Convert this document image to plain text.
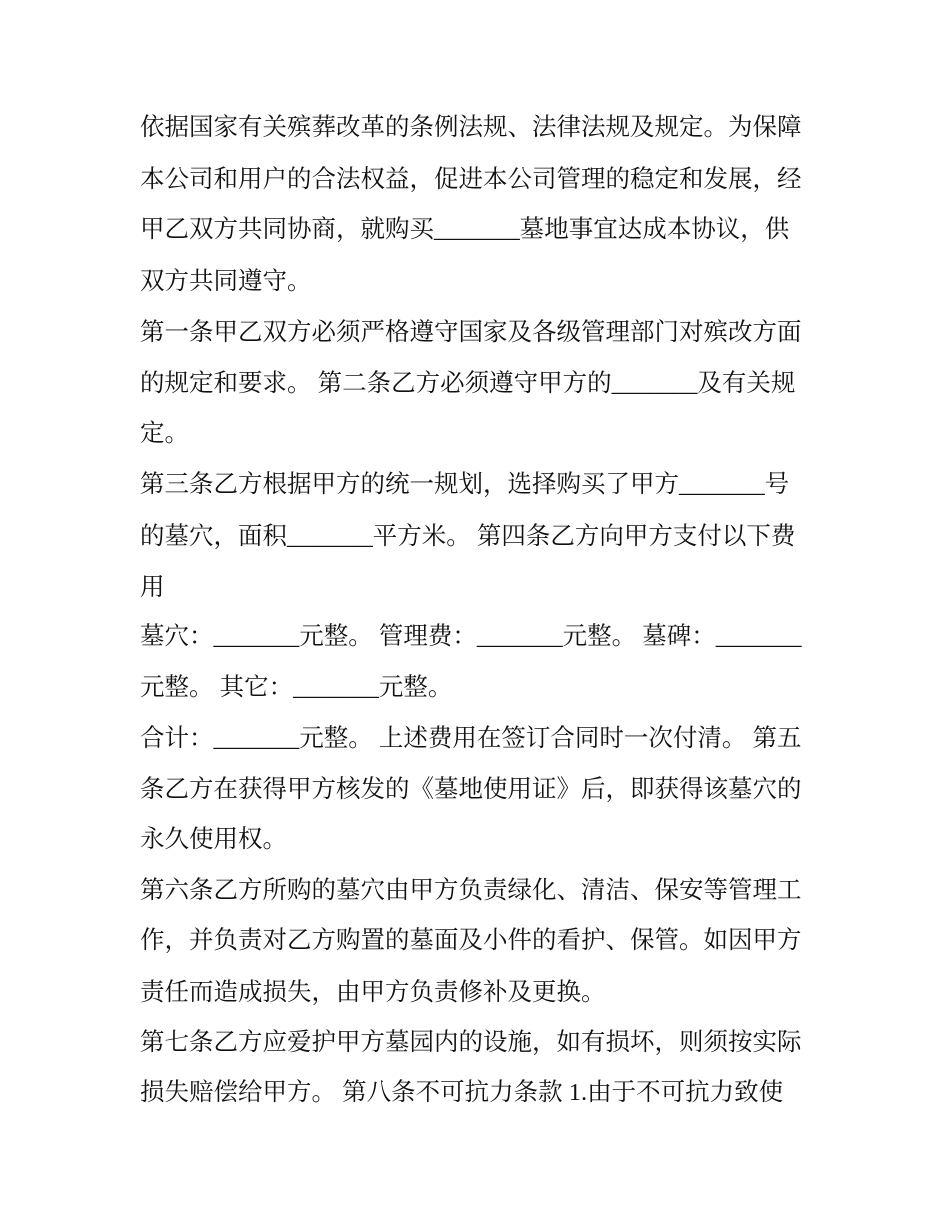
依据国家有关殡葬改革的条例法规、法律法规及规定。为保障
本公司和用户的合法权益，促进本公司管理的稳定和发展，经
甲乙双方共同协商，就购买_______墓地事宜达成本协议，供
双方共同遵守。
第一条甲乙双方必须严格遵守国家及各级管理部门对殡改方面
的规定和要求。 第二条乙方必须遵守甲方的_______及有关规
定。
第三条乙方根据甲方的统一规划，选择购买了甲方_______号
的墓穴，面积_______平方米。 第四条乙方向甲方支付以下费
用
墓穴：_______元整。 管理费：_______元整。 墓碑：_______
元整。 其它：_______元整。
合计：_______元整。 上述费用在签订合同时一次付清。 第五
条乙方在获得甲方核发的《墓地使用证》后，即获得该墓穴的
永久使用权。
第六条乙方所购的墓穴由甲方负责绿化、清洁、保安等管理工
作，并负责对乙方购置的墓面及小件的看护、保管。如因甲方
责任而造成损失，由甲方负责修补及更换。
第七条乙方应爱护甲方墓园内的设施，如有损坏，则须按实际
损失赔偿给甲方。 第八条不可抗力条款 1.由于不可抗力致使
